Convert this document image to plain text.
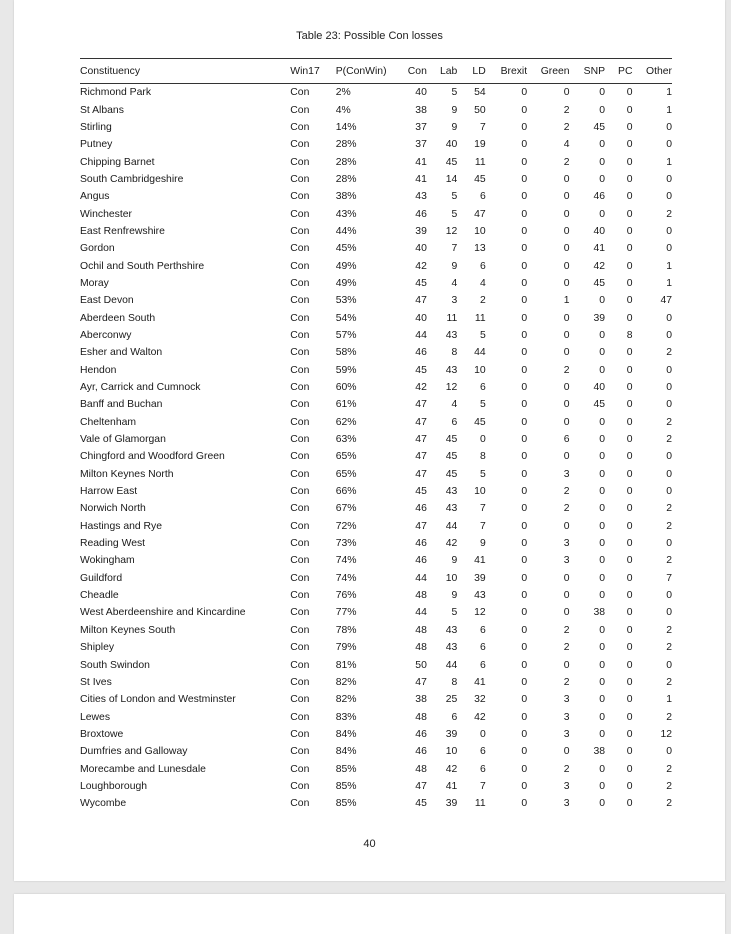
Table 23: Possible Con losses
Constituency	Win17	P(ConWin)	Con	Lab	LD	Brexit	Green	SNP	PC	Other
Richmond Park	Con	2%	40	5	54	0	0	0	0	1
St Albans	Con	4%	38	9	50	0	2	0	0	1
Stirling	Con	14%	37	9	7	0	2	45	0	0
Putney	Con	28%	37	40	19	0	4	0	0	0
Chipping Barnet	Con	28%	41	45	11	0	2	0	0	1
South Cambridgeshire	Con	28%	41	14	45	0	0	0	0	0
Angus	Con	38%	43	5	6	0	0	46	0	0
Winchester	Con	43%	46	5	47	0	0	0	0	2
East Renfrewshire	Con	44%	39	12	10	0	0	40	0	0
Gordon	Con	45%	40	7	13	0	0	41	0	0
Ochil and South Perthshire	Con	49%	42	9	6	0	0	42	0	1
Moray	Con	49%	45	4	4	0	0	45	0	1
East Devon	Con	53%	47	3	2	0	1	0	0	47
Aberdeen South	Con	54%	40	11	11	0	0	39	0	0
Aberconwy	Con	57%	44	43	5	0	0	0	8	0
Esher and Walton	Con	58%	46	8	44	0	0	0	0	2
Hendon	Con	59%	45	43	10	0	2	0	0	0
Ayr, Carrick and Cumnock	Con	60%	42	12	6	0	0	40	0	0
Banff and Buchan	Con	61%	47	4	5	0	0	45	0	0
Cheltenham	Con	62%	47	6	45	0	0	0	0	2
Vale of Glamorgan	Con	63%	47	45	0	0	6	0	0	2
Chingford and Woodford Green	Con	65%	47	45	8	0	0	0	0	0
Milton Keynes North	Con	65%	47	45	5	0	3	0	0	0
Harrow East	Con	66%	45	43	10	0	2	0	0	0
Norwich North	Con	67%	46	43	7	0	2	0	0	2
Hastings and Rye	Con	72%	47	44	7	0	0	0	0	2
Reading West	Con	73%	46	42	9	0	3	0	0	0
Wokingham	Con	74%	46	9	41	0	3	0	0	2
Guildford	Con	74%	44	10	39	0	0	0	0	7
Cheadle	Con	76%	48	9	43	0	0	0	0	0
West Aberdeenshire and Kincardine	Con	77%	44	5	12	0	0	38	0	0
Milton Keynes South	Con	78%	48	43	6	0	2	0	0	2
Shipley	Con	79%	48	43	6	0	2	0	0	2
South Swindon	Con	81%	50	44	6	0	0	0	0	0
St Ives	Con	82%	47	8	41	0	2	0	0	2
Cities of London and Westminster	Con	82%	38	25	32	0	3	0	0	1
Lewes	Con	83%	48	6	42	0	3	0	0	2
Broxtowe	Con	84%	46	39	0	0	3	0	0	12
Dumfries and Galloway	Con	84%	46	10	6	0	0	38	0	0
Morecambe and Lunesdale	Con	85%	48	42	6	0	2	0	0	2
Loughborough	Con	85%	47	41	7	0	3	0	0	2
Wycombe	Con	85%	45	39	11	0	3	0	0	2
40
